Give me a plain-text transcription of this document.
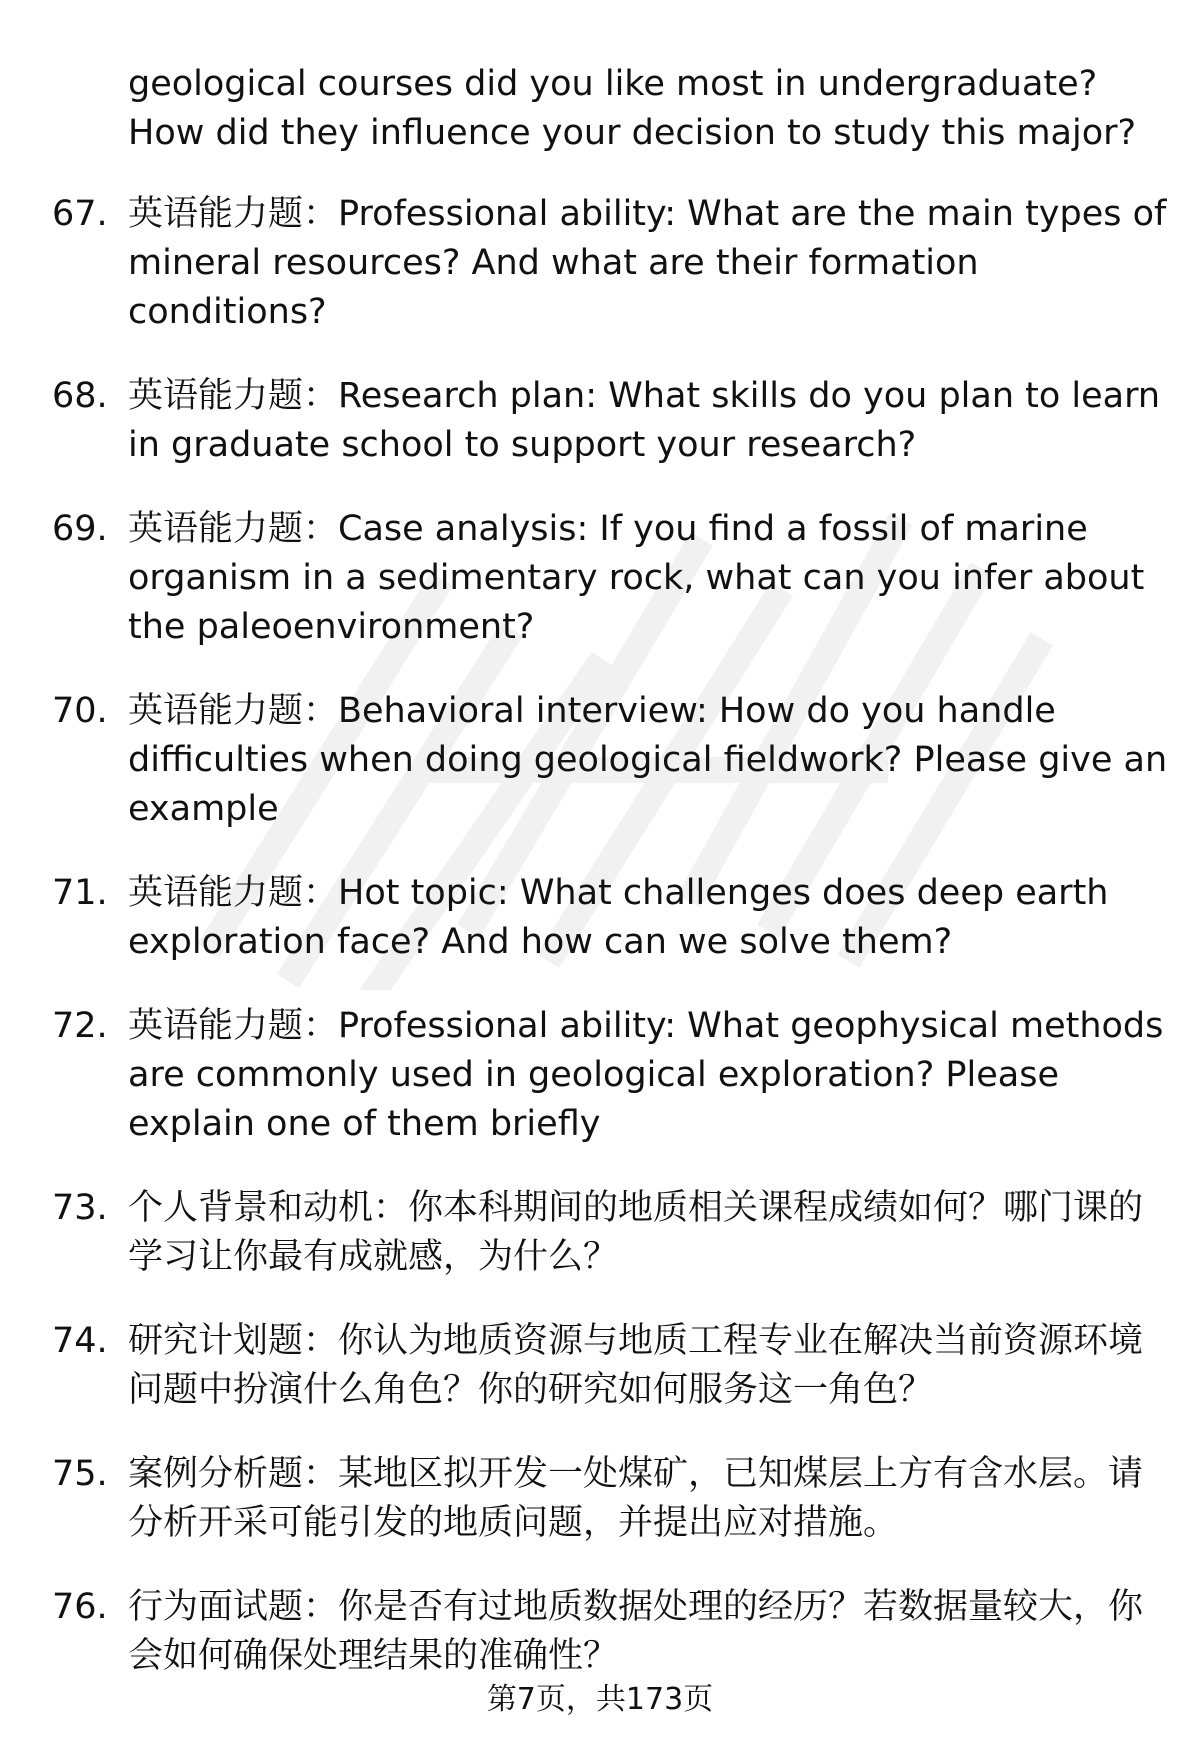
geological courses did you like most in undergraduate? How did they influence your decision to study this major?
67. 英语能力题：Professional ability: What are the main types of mineral resources? And what are their formation conditions?
68. 英语能力题：Research plan: What skills do you plan to learn in graduate school to support your research?
69. 英语能力题：Case analysis: If you find a fossil of marine organism in a sedimentary rock, what can you infer about the paleoenvironment?
70. 英语能力题：Behavioral interview: How do you handle difficulties when doing geological fieldwork? Please give an example
71. 英语能力题：Hot topic: What challenges does deep earth exploration face? And how can we solve them?
72. 英语能力题：Professional ability: What geophysical methods are commonly used in geological exploration? Please explain one of them briefly
73. 个人背景和动机：你本科期间的地质相关课程成绩如何？哪门课的学习让你最有成就感，为什么？
74. 研究计划题：你认为地质资源与地质工程专业在解决当前资源环境问题中扮演什么角色？你的研究如何服务这一角色？
75. 案例分析题：某地区拟开发一处煤矿，已知煤层上方有含水层。请分析开采可能引发的地质问题，并提出应对措施。
76. 行为面试题：你是否有过地质数据处理的经历？若数据量较大，你会如何确保处理结果的准确性？
第7页，共173页
